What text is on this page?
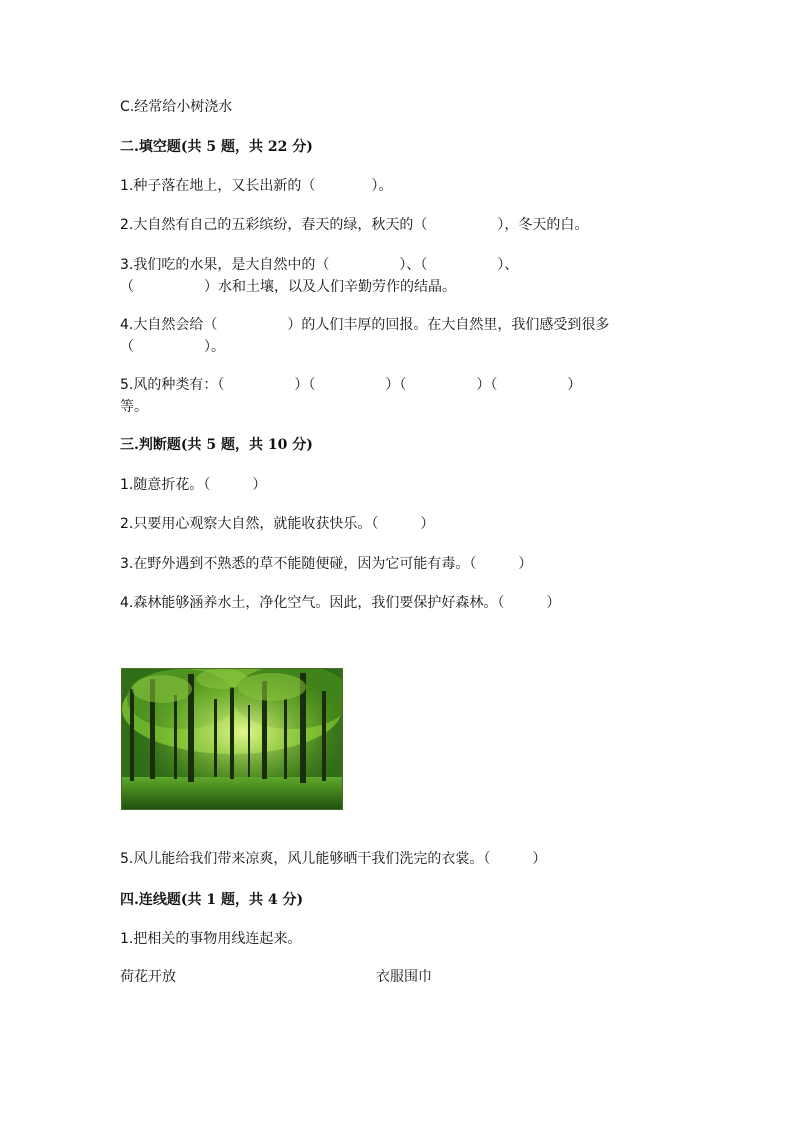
C.经常给小树浇水

二.填空题(共 5 题，共 22 分)

1.种子落在地上，又长出新的（　　　　）。

2.大自然有自己的五彩缤纷，春天的绿，秋天的（　　　　　），冬天的白。

3.我们吃的水果，是大自然中的（　　　　　）、（　　　　　）、

（　　　　　）水和土壤，以及人们辛勤劳作的结晶。

4.大自然会给（　　　　　）的人们丰厚的回报。在大自然里，我们感受到很多

（　　　　　）。

5.风的种类有：（　　　　　）（　　　　　）（　　　　　）（　　　　　）

等。

三.判断题(共 5 题，共 10 分)

1.随意折花。（　　　）

2.只要用心观察大自然，就能收获快乐。（　　　）

3.在野外遇到不熟悉的草不能随便碰，因为它可能有毒。（　　　）

4.森林能够涵养水土，净化空气。因此，我们要保护好森林。（　　　）

5.风儿能给我们带来凉爽，风儿能够晒干我们洗完的衣裳。（　　　）

四.连线题(共 1 题，共 4 分)

1.把相关的事物用线连起来。

荷花开放	衣服围巾
